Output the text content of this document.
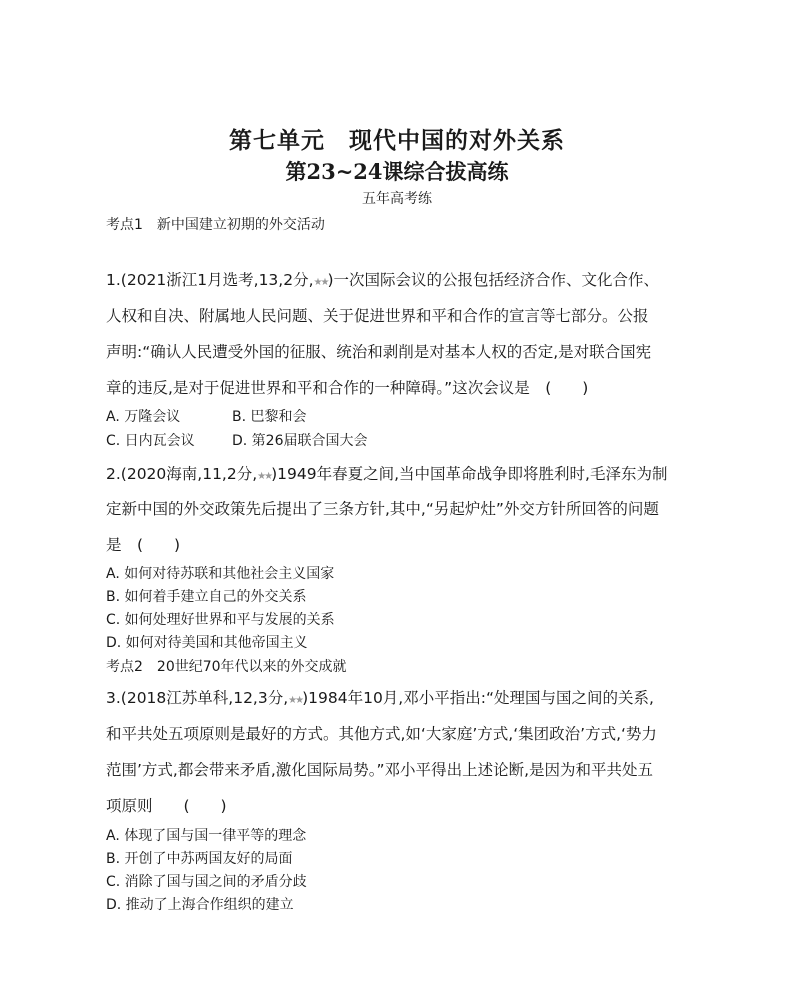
第七单元　现代中国的对外关系
第23~24课综合拔高练
五年高考练
考点1　新中国建立初期的外交活动
1.(2021浙江1月选考,13,2分,★★)一次国际会议的公报包括经济合作、文化合作、
人权和自决、附属地人民问题、关于促进世界和平和合作的宣言等七部分。公报
声明:“确认人民遭受外国的征服、统治和剥削是对基本人权的否定,是对联合国宪
章的违反,是对于促进世界和平和合作的一种障碍。”这次会议是　(　　)
A. 万隆会议	B. 巴黎和会
C. 日内瓦会议	D. 第26届联合国大会
2.(2020海南,11,2分,★★)1949年春夏之间,当中国革命战争即将胜利时,毛泽东为制
定新中国的外交政策先后提出了三条方针,其中,“另起炉灶”外交方针所回答的问题
是　(　　)
A. 如何对待苏联和其他社会主义国家
B. 如何着手建立自己的外交关系
C. 如何处理好世界和平与发展的关系
D. 如何对待美国和其他帝国主义
考点2　20世纪70年代以来的外交成就
3.(2018江苏单科,12,3分,★★)1984年10月,邓小平指出:“处理国与国之间的关系,
和平共处五项原则是最好的方式。其他方式,如‘大家庭’方式,‘集团政治’方式,‘势力
范围’方式,都会带来矛盾,激化国际局势。”邓小平得出上述论断,是因为和平共处五
项原则　　(　　)
A. 体现了国与国一律平等的理念
B. 开创了中苏两国友好的局面
C. 消除了国与国之间的矛盾分歧
D. 推动了上海合作组织的建立
